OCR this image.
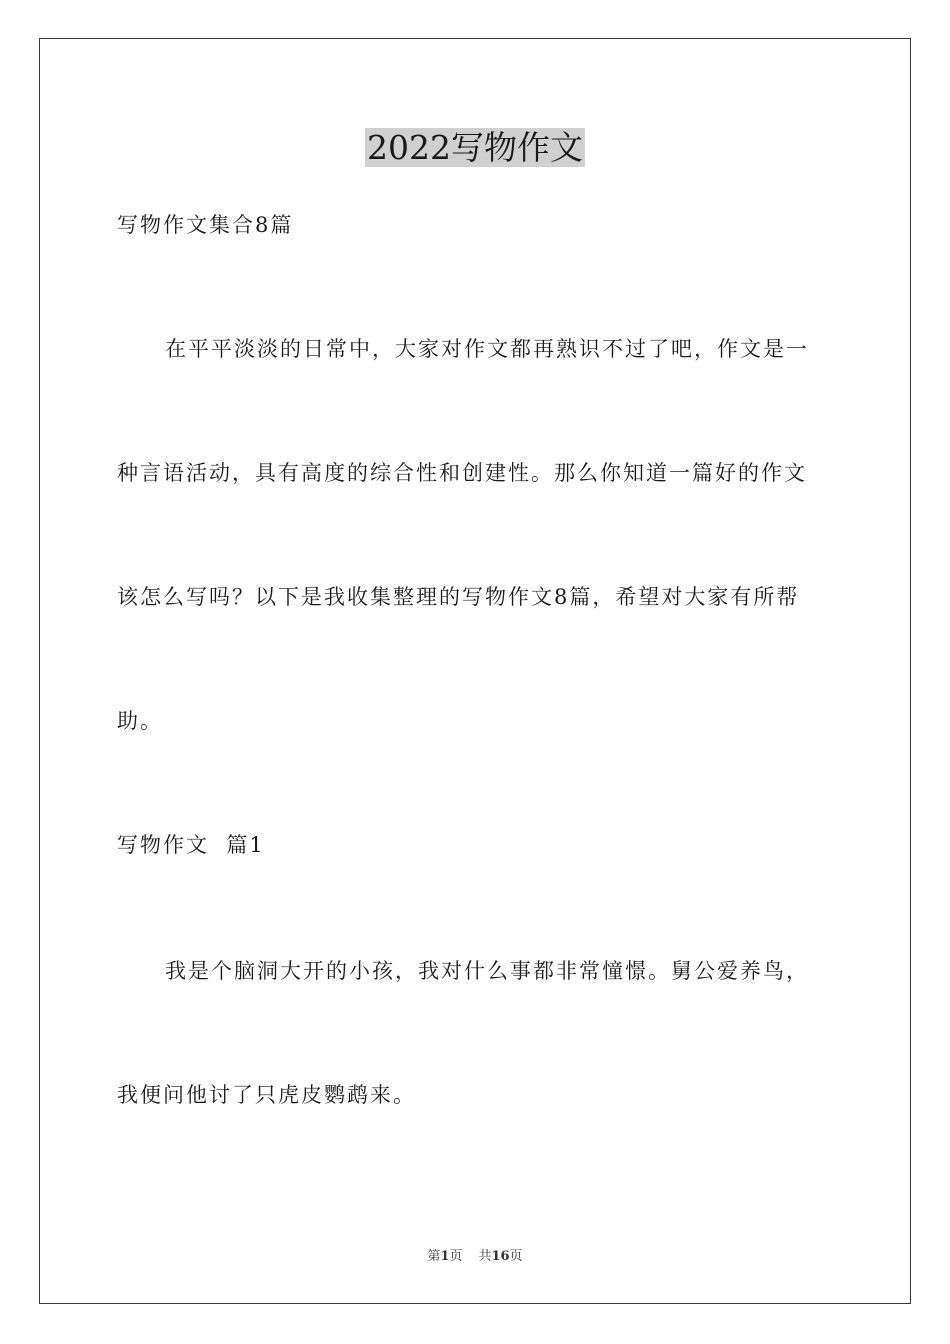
2022写物作文
写物作文集合8篇
在平平淡淡的日常中，大家对作文都再熟识不过了吧，作文是一
种言语活动，具有高度的综合性和创建性。那么你知道一篇好的作文
该怎么写吗？以下是我收集整理的写物作文8篇，希望对大家有所帮
助。
写物作文  篇1
我是个脑洞大开的小孩，我对什么事都非常憧憬。舅公爱养鸟，
我便问他讨了只虎皮鹦鹉来。
第1页 共16页
